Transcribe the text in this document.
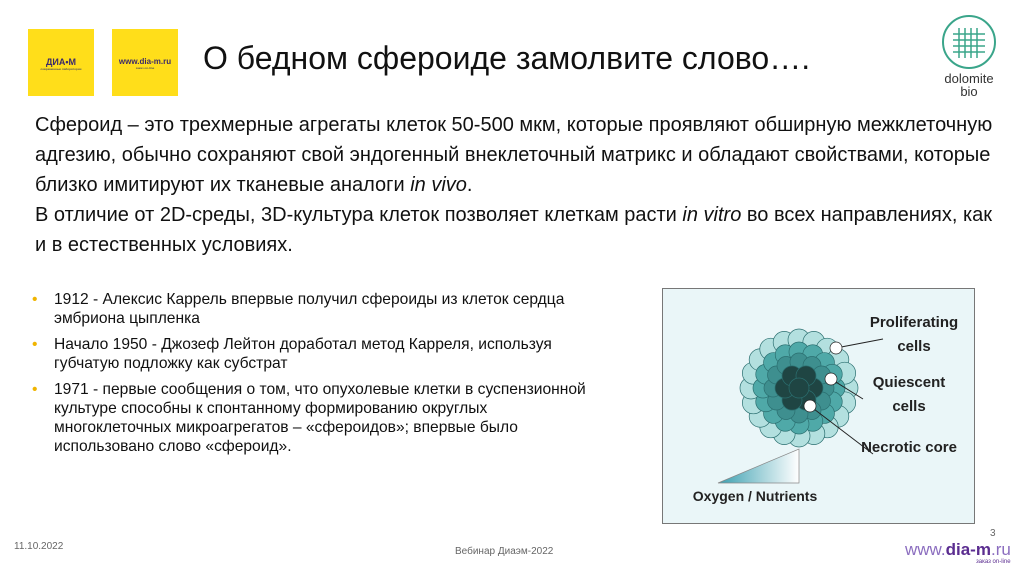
ДИА•М
современные лаборатории
www.dia-m.ru
заказ on-line	О бедном сфероиде замолвите слово….
dolomite
bio
Сфероид – это трехмерные агрегаты клеток 50-500 мкм, которые проявляют обширную межклеточную адгезию, обычно сохраняют свой эндогенный внеклеточный матрикс и обладают свойствами, которые близко имитируют их тканевые аналоги in vivo.
В отличие от 2D-среды, 3D-культура клеток позволяет клеткам расти in vitro во всех направлениях, как и в естественных условиях.
• 1912 - Алексис Каррель впервые получил сфероиды из клеток сердца эмбриона цыпленка
• Начало 1950 - Джозеф Лейтон доработал метод Карреля, используя губчатую подложку как субстрат
• 1971 - первые сообщения о том, что опухолевые клетки в суспензионной культуре способны к спонтанному формированию округлых многоклеточных микроагрегатов – «сфероидов»; впервые было использовано слово «сфероид».
Proliferating cells
Quiescent cells
Necrotic core
Oxygen / Nutrients
11.10.2022	Вебинар Диаэм-2022
3
www.dia-m.ru
заказ on-line
